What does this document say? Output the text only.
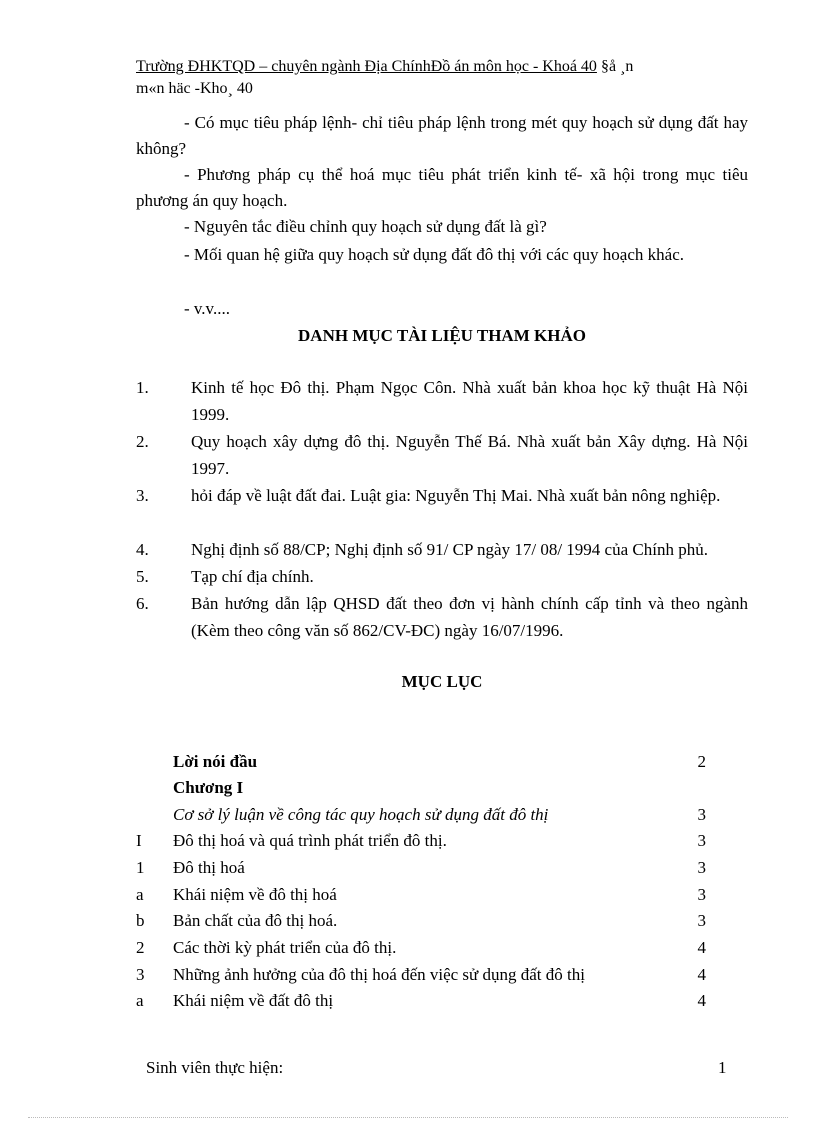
Trường ĐHKTQD – chuyên ngành Địa ChínhĐồ án môn học - Khoá 40 §å ¸n
m«n häc -Kho¸ 40

- Có mục tiêu pháp lệnh- chỉ tiêu pháp lệnh trong mét quy hoạch sử dụng đất hay không?

- Phương pháp cụ thể hoá mục tiêu phát triển kinh tế- xã hội trong mục tiêu phương án quy hoạch.

- Nguyên tắc điều chỉnh quy hoạch sử dụng đất là gì?

- Mối quan hệ giữa quy hoạch sử dụng đất đô thị với các quy hoạch khác.

- v.v....

DANH MỤC TÀI LIỆU THAM KHẢO
1.	Kinh tế học Đô thị. Phạm Ngọc Côn. Nhà xuất bản khoa học kỹ thuật Hà Nội 1999.
2.	Quy hoạch xây dựng đô thị. Nguyễn Thế Bá. Nhà xuất bản Xây dựng. Hà Nội 1997.
3.	hỏi đáp về luật đất đai. Luật gia: Nguyễn Thị Mai. Nhà xuất bản nông nghiệp.
4.	Nghị định số 88/CP; Nghị định số 91/ CP ngày 17/ 08/ 1994 của Chính phủ.
5.	Tạp chí địa chính.
6.	Bản hướng dẫn lập QHSD đất theo đơn vị hành chính cấp tỉnh và theo ngành (Kèm theo công văn số 862/CV-ĐC) ngày 16/07/1996.
MỤC LỤC
Lời nói đầu	2
Chương I
Cơ sở lý luận về công tác quy hoạch sử dụng đất đô thị	3
I Đô thị hoá và quá trình phát triển đô thị.	3
1 Đô thị hoá	3
a Khái niệm về đô thị hoá	3
b Bản chất của đô thị hoá.	3
2 Các thời kỳ phát triển của đô thị.	4
3 Những ảnh hưởng của đô thị hoá đến việc sử dụng đất đô thị	4
a Khái niệm về đất đô thị	4
Sinh viên thực hiện:	1
